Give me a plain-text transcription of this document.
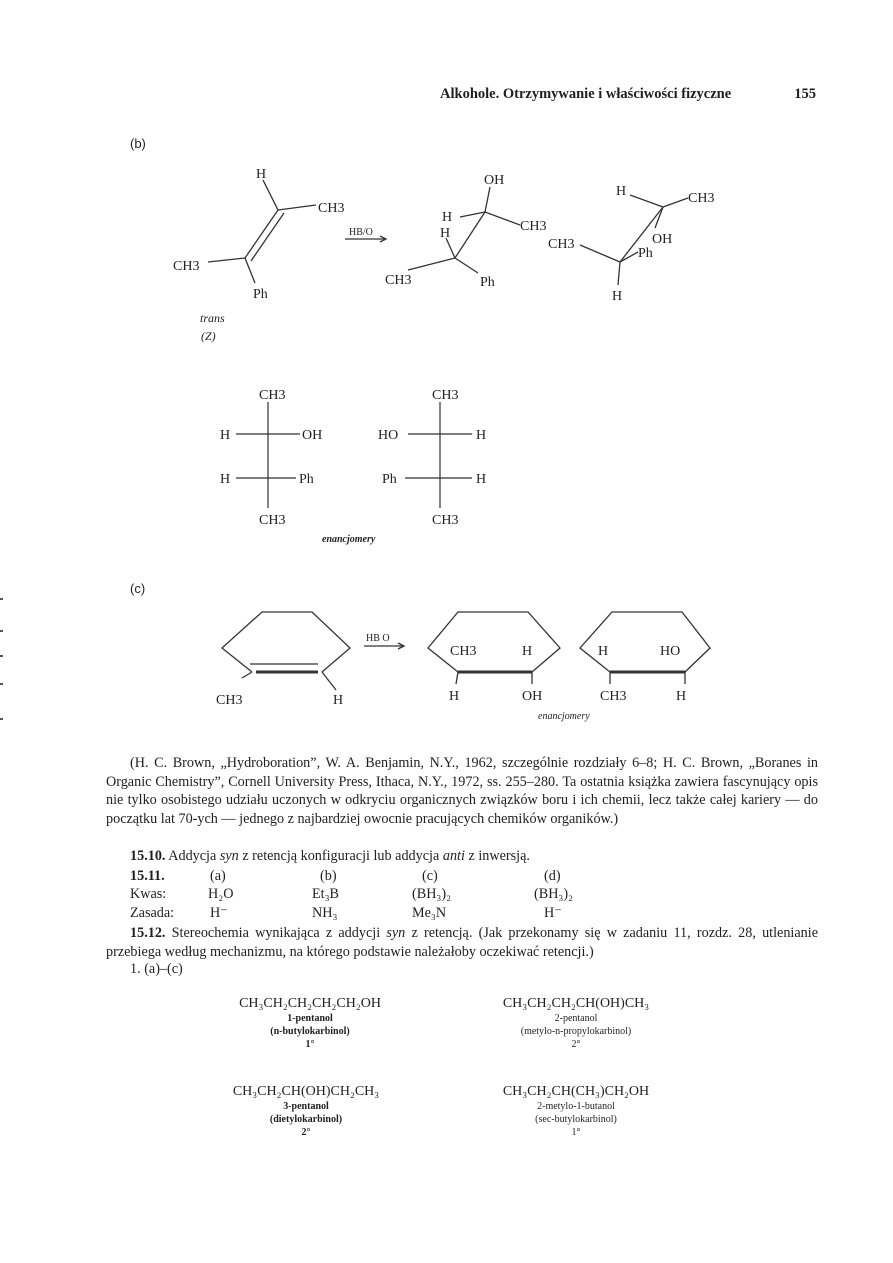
Alkohole. Otrzymywanie i właściwości fizyczne	155
(b)
(c)
H
CH3
CH3
Ph
OH
H
CH3
H
CH3	Ph
H	CH3
CH3	OH
Ph
H
HB/O
trans
(Z)
CH3
H	OH
H	Ph
CH3
CH3
HO	H
Ph	H
CH3
enancjomery
CH3	H
CH3	H
H	OH
H	HO
CH3	H
HB O
enancjomery

(H. C. Brown, „Hydroboration”, W. A. Benjamin, N.Y., 1962, szczególnie rozdziały 6–8; H. C. Brown, „Boranes in Organic Chemistry”, Cornell University Press, Ithaca, N.Y., 1972, ss. 255–280. Ta ostatnia książka zawiera fascynujący opis nie tylko osobistego udziału uczonych w odkryciu organicznych związków boru i ich chemii, lecz także całej kariery — do początku lat 70-ych — jednego z najbardziej owocnie pracujących chemików organików.)

15.10. Addycja syn z retencją konfiguracji lub addycja anti z inwersją.

15.11.	(a)	(b)	(c)	(d)
Kwas:	H₂O	Et₃B	(BH₃)₂	(BH₃)₂
Zasada:	H⁻	NH₃	Me₃N	H⁻

15.12. Stereochemia wynikająca z addycji syn z retencją. (Jak przekonamy się w zadaniu 11, rozdz. 28, utlenianie przebiega według mechanizmu, na którego podstawie należałoby oczekiwać retencji.)

1. (a)–(c)
CH₃CH₂CH₂CH₂CH₂OH
1-pentanol
(n-butylokarbinol)
1°
CH₃CH₂CH₂CH(OH)CH₃
2-pentanol
(metylo-n-propylokarbinol)
2°
CH₃CH₂CH(OH)CH₂CH₃
3-pentanol
(dietylokarbinol)
2°
CH₃CH₂CH(CH₃)CH₂OH
2-metylo-1-butanol
(sec-butylokarbinol)
1°
